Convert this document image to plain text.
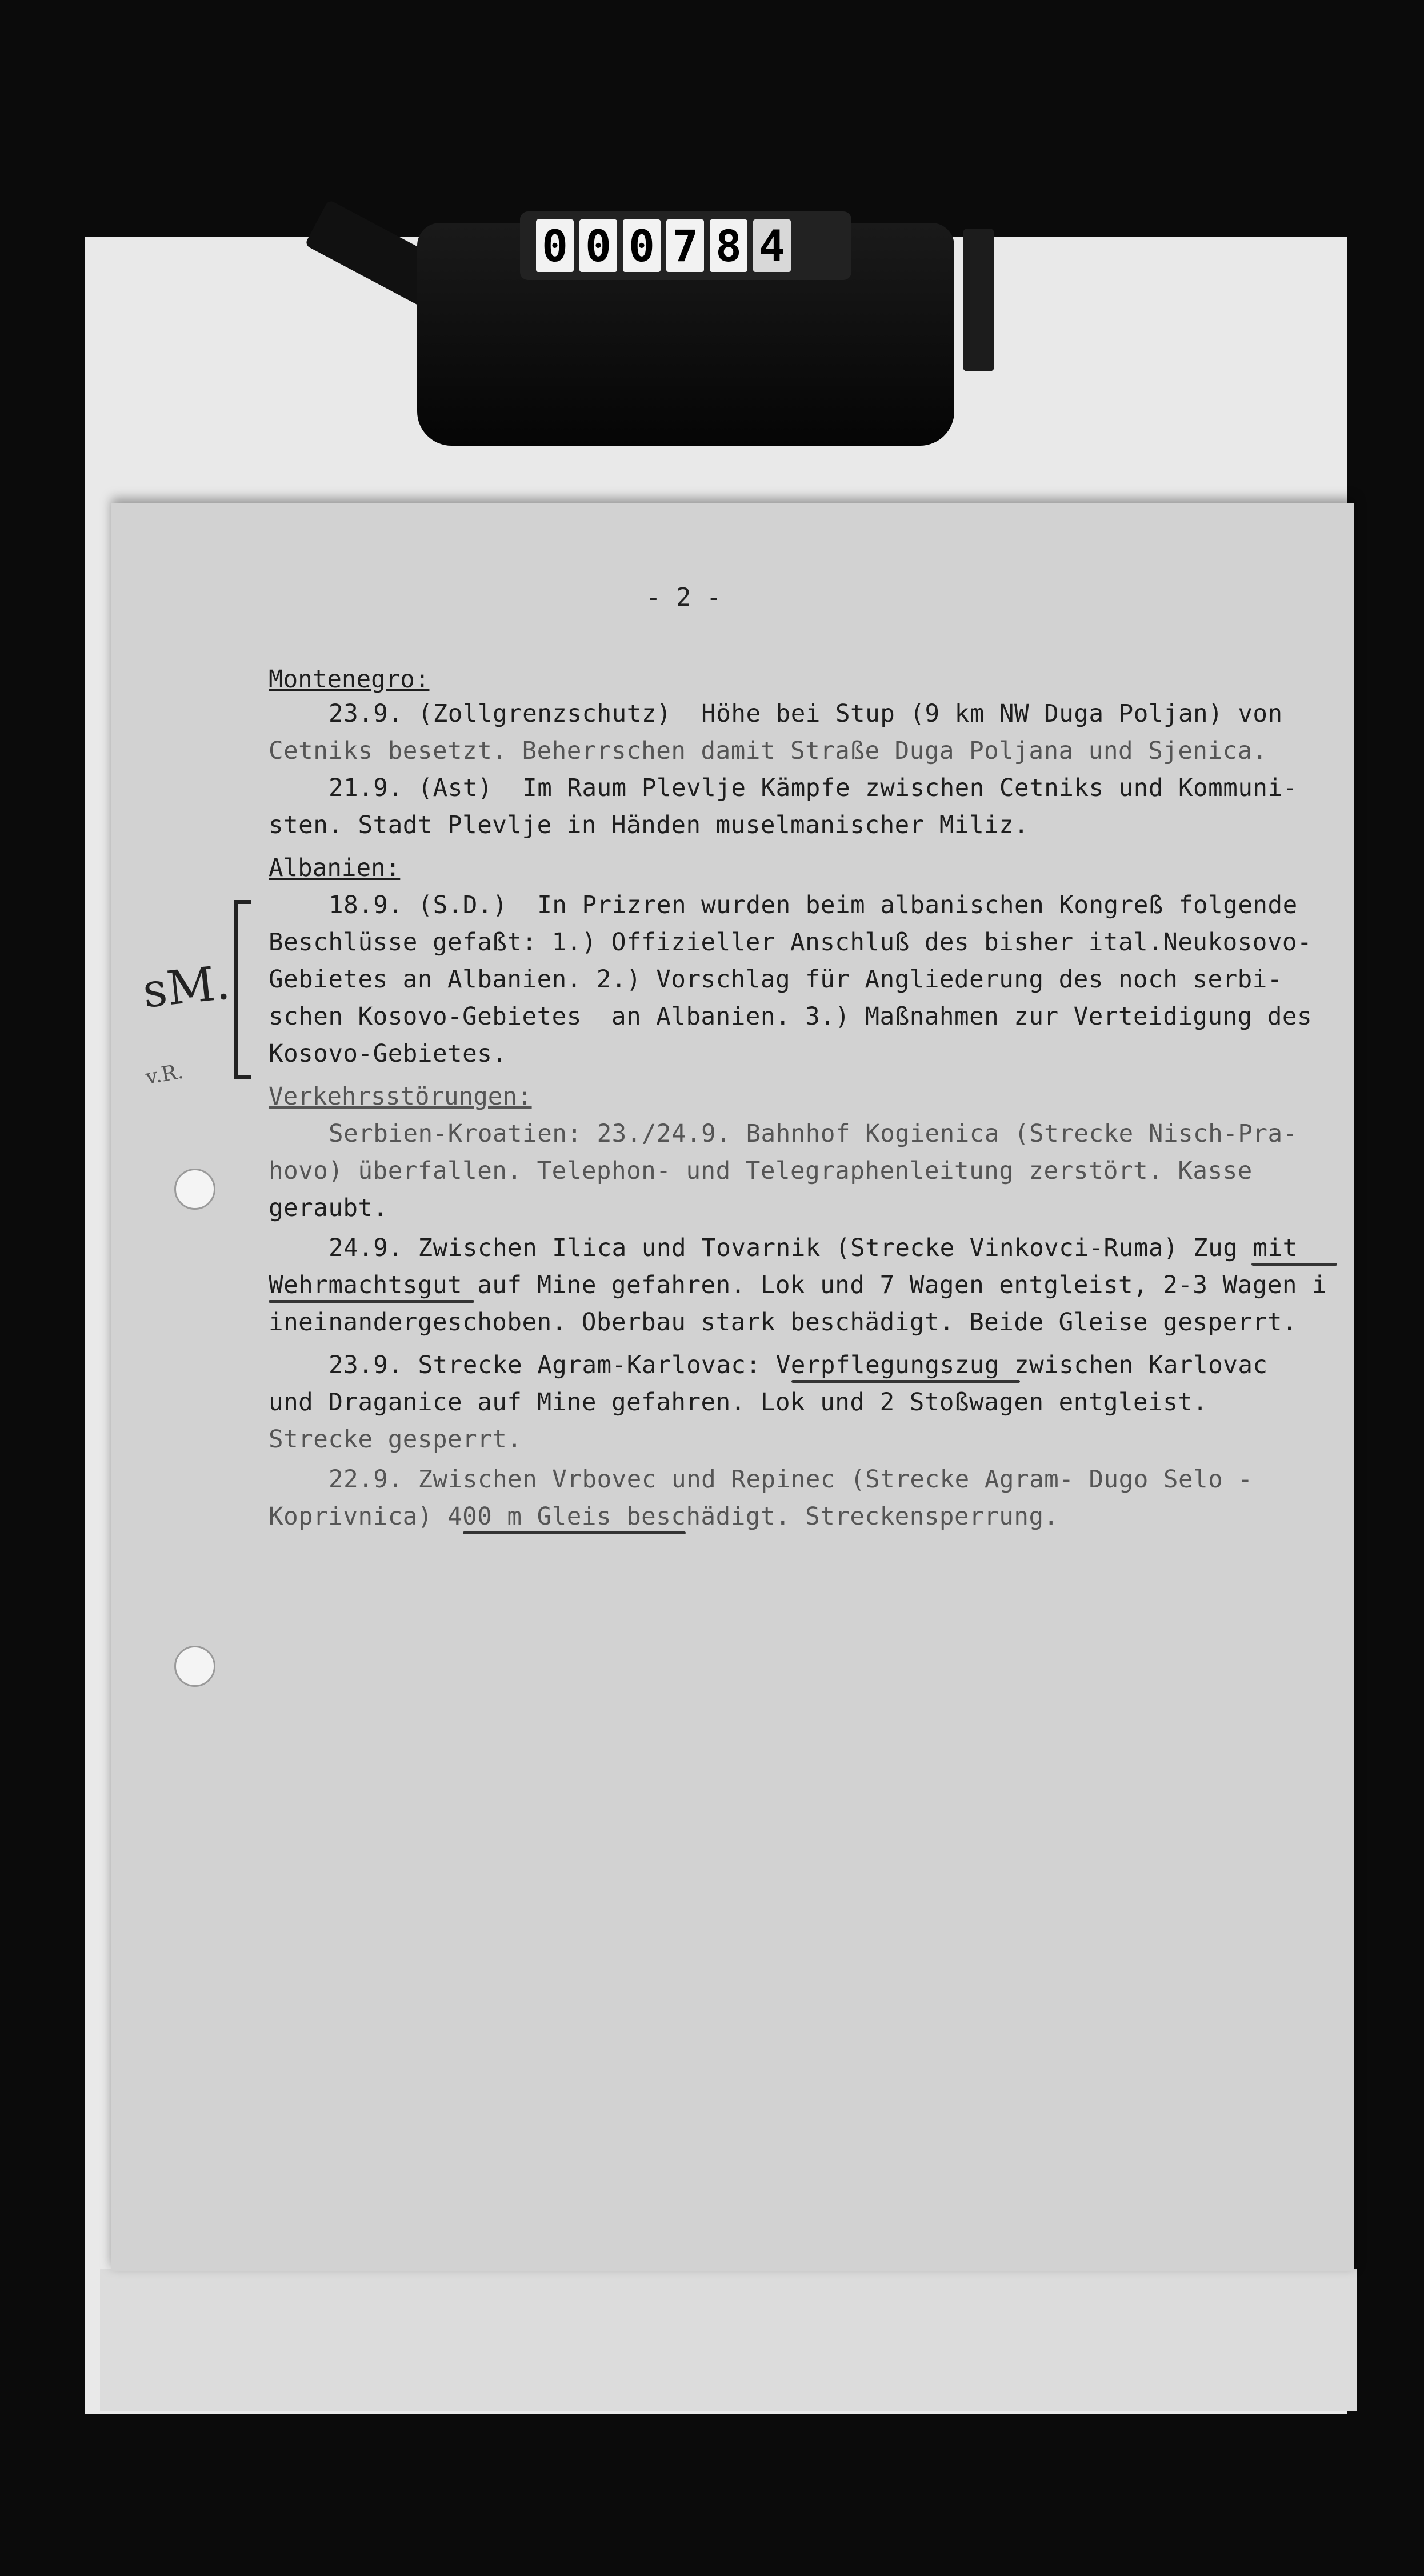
0 0 0 7 8 4
- 2 -
Montenegro:
23.9. (Zollgrenzschutz)  Höhe bei Stup (9 km NW Duga Poljan) von
Cetniks besetzt. Beherrschen damit Straße Duga Poljana und Sjenica.
21.9. (Ast)  Im Raum Plevlje Kämpfe zwischen Cetniks und Kommuni-
sten. Stadt Plevlje in Händen muselmanischer Miliz.
Albanien:
18.9. (S.D.)  In Prizren wurden beim albanischen Kongreß folgende
Beschlüsse gefaßt: 1.) Offizieller Anschluß des bisher ital.Neukosovo-
Gebietes an Albanien. 2.) Vorschlag für Angliederung des noch serbi-
schen Kosovo-Gebietes  an Albanien. 3.) Maßnahmen zur Verteidigung des
Kosovo-Gebietes.
Verkehrsstörungen:
Serbien-Kroatien: 23./24.9. Bahnhof Kogienica (Strecke Nisch-Pra-
hovo) überfallen. Telephon- und Telegraphenleitung zerstört. Kasse
geraubt.
24.9. Zwischen Ilica und Tovarnik (Strecke Vinkovci-Ruma) Zug mit
Wehrmachtsgut auf Mine gefahren. Lok und 7 Wagen entgleist, 2-3 Wagen i
ineinandergeschoben. Oberbau stark beschädigt. Beide Gleise gesperrt.
23.9. Strecke Agram-Karlovac: Verpflegungszug zwischen Karlovac
und Draganice auf Mine gefahren. Lok und 2 Stoßwagen entgleist.
Strecke gesperrt.
22.9. Zwischen Vrbovec und Repinec (Strecke Agram- Dugo Selo -
Koprivnica) 400 m Gleis beschädigt. Streckensperrung.
sM.
v.R.
